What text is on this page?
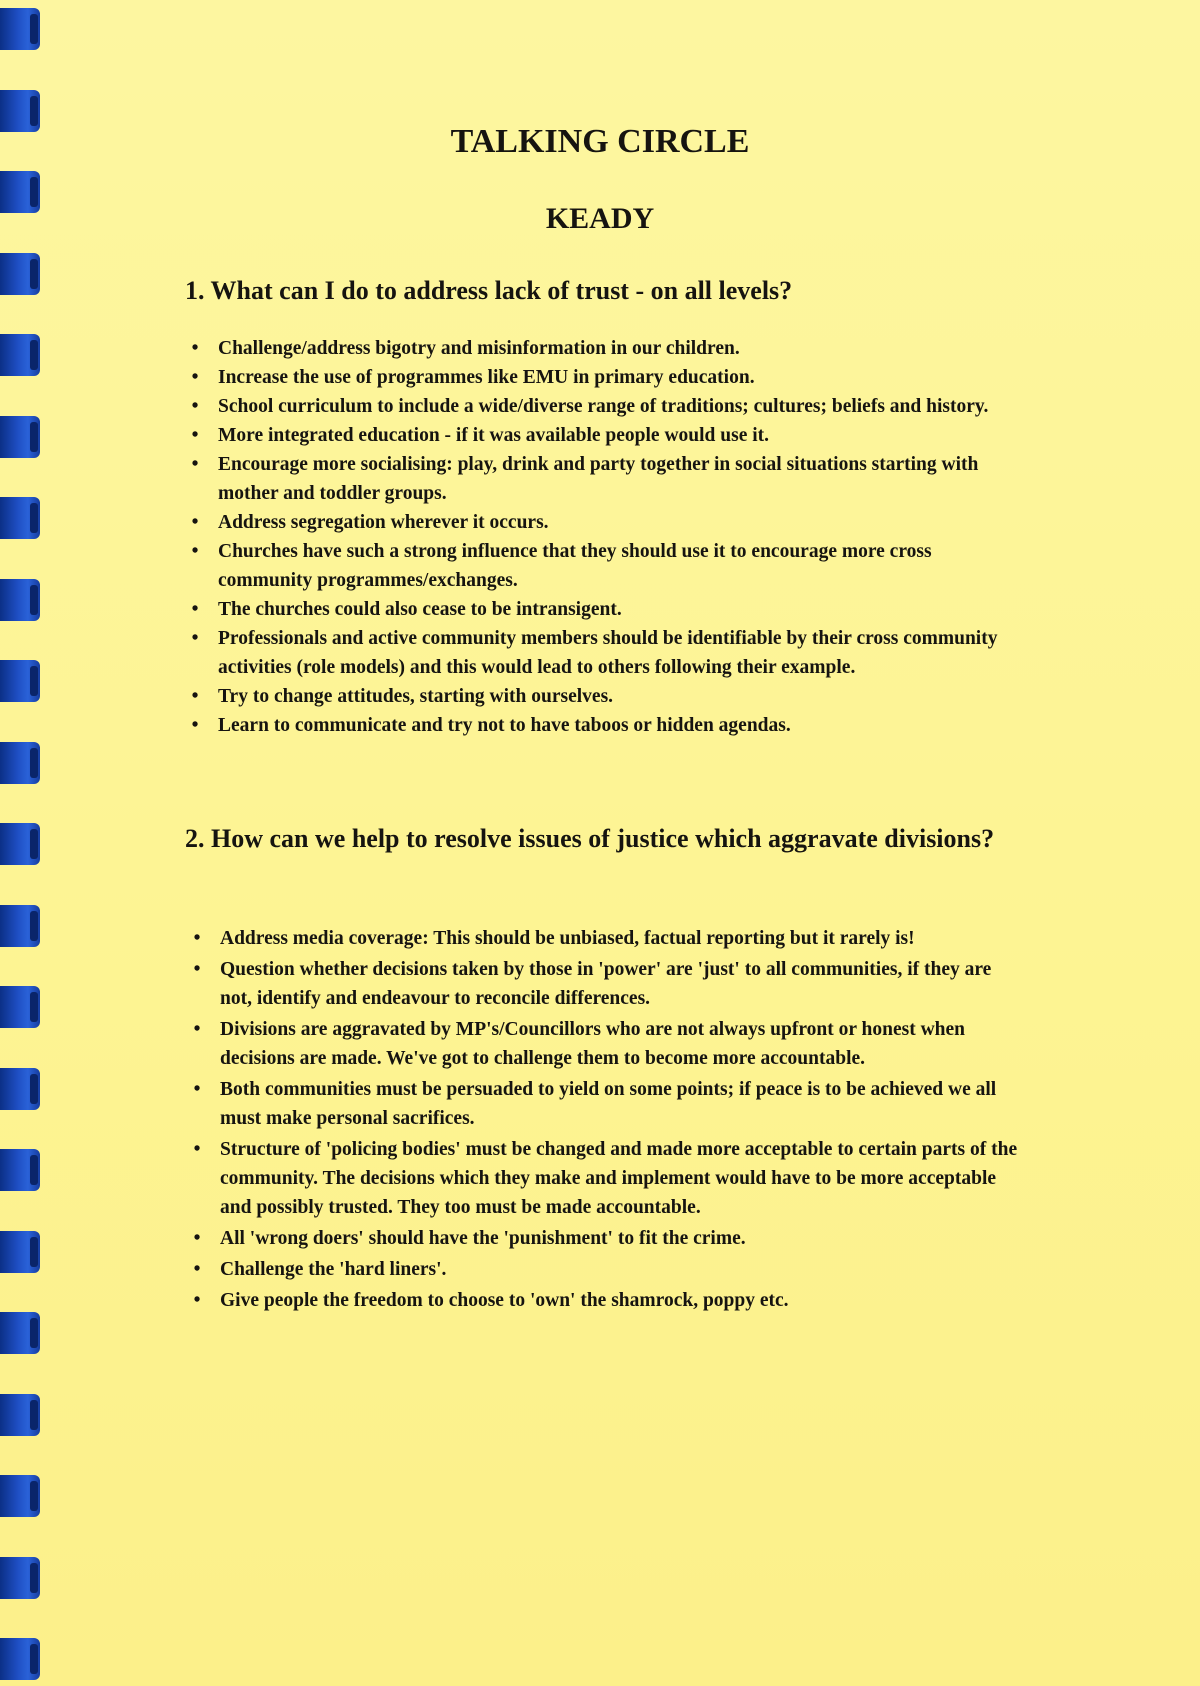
TALKING CIRCLE
KEADY
1. What can I do to address lack of trust - on all levels?
•	Challenge/address bigotry and misinformation in our children.
•	Increase the use of programmes like EMU in primary education.
•	School curriculum to include a wide/diverse range of traditions; cultures; beliefs and history.
•	More integrated education - if it was available people would use it.
•	Encourage more socialising: play, drink and party together in social situations starting with mother and toddler groups.
•	Address segregation wherever it occurs.
•	Churches have such a strong influence that they should use it to encourage more cross community programmes/exchanges.
•	The churches could also cease to be intransigent.
•	Professionals and active community members should be identifiable by their cross community activities (role models) and this would lead to others following their example.
•	Try to change attitudes, starting with ourselves.
•	Learn to communicate and try not to have taboos or hidden agendas.
2. How can we help to resolve issues of justice which aggravate divisions?
•	Address media coverage: This should be unbiased, factual reporting but it rarely is!
•	Question whether decisions taken by those in 'power' are 'just' to all communities, if they are not, identify and endeavour to reconcile differences.
•	Divisions are aggravated by MP's/Councillors who are not always upfront or honest when decisions are made. We've got to challenge them to become more accountable.
•	Both communities must be persuaded to yield on some points; if peace is to be achieved we all must make personal sacrifices.
•	Structure of 'policing bodies' must be changed and made more acceptable to certain parts of the community. The decisions which they make and implement would have to be more acceptable and possibly trusted. They too must be made accountable.
•	All 'wrong doers' should have the 'punishment' to fit the crime.
•	Challenge the 'hard liners'.
•	Give people the freedom to choose to 'own' the shamrock, poppy etc.
